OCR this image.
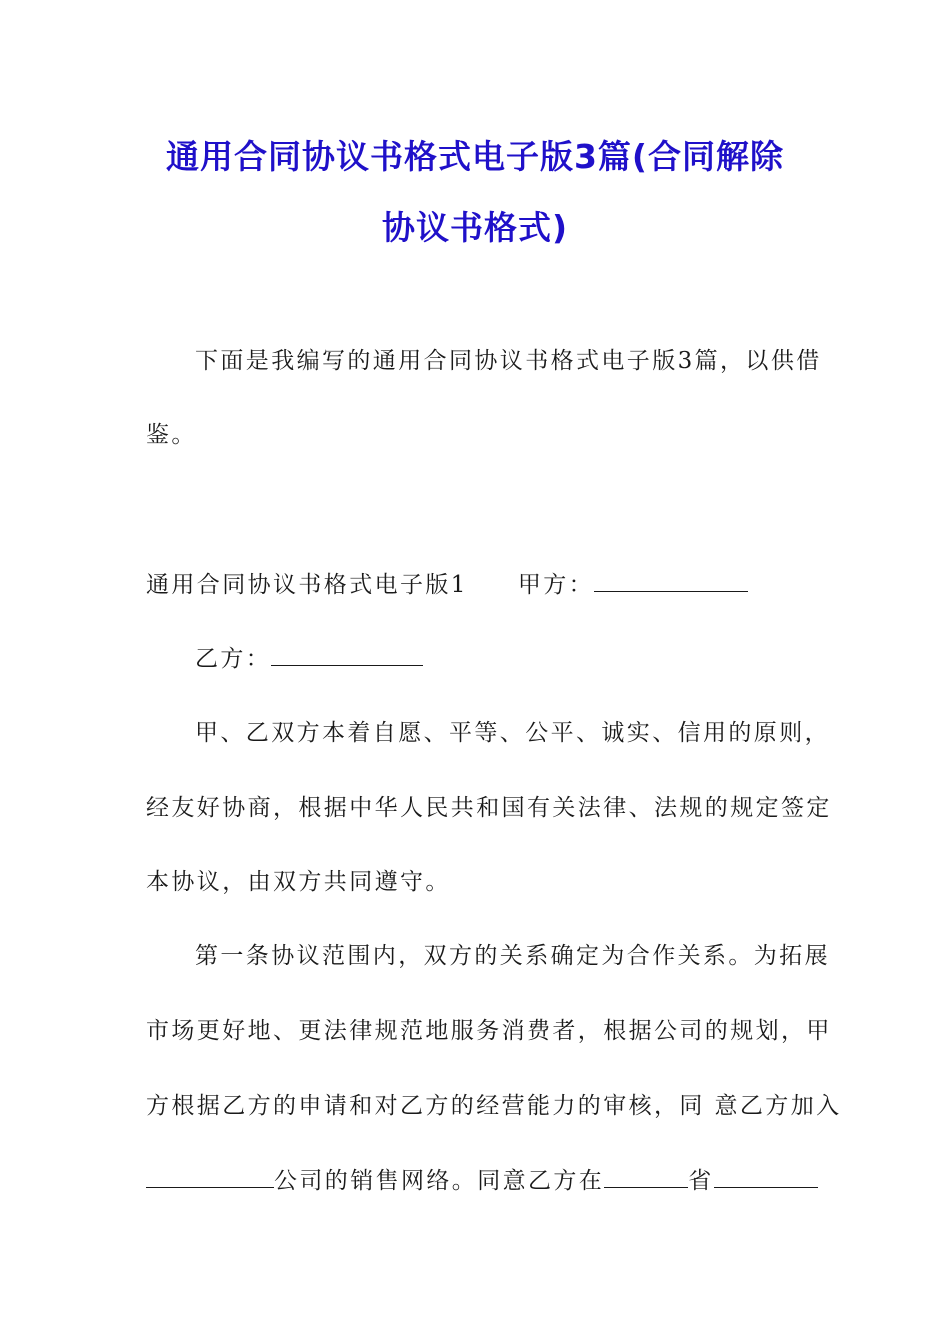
通用合同协议书格式电子版3篇(合同解除
协议书格式)
下面是我编写的通用合同协议书格式电子版3篇，以供借
鉴。
通用合同协议书格式电子版1 甲方：
乙方：
甲、乙双方本着自愿、平等、公平、诚实、信用的原则，
经友好协商，根据中华人民共和国有关法律、法规的规定签定
本协议，由双方共同遵守。
第一条协议范围内，双方的关系确定为合作关系。为拓展
市场更好地、更法律规范地服务消费者，根据公司的规划，甲
方根据乙方的申请和对乙方的经营能力的审核，同 意乙方加入
公司的销售网络。同意乙方在	省
